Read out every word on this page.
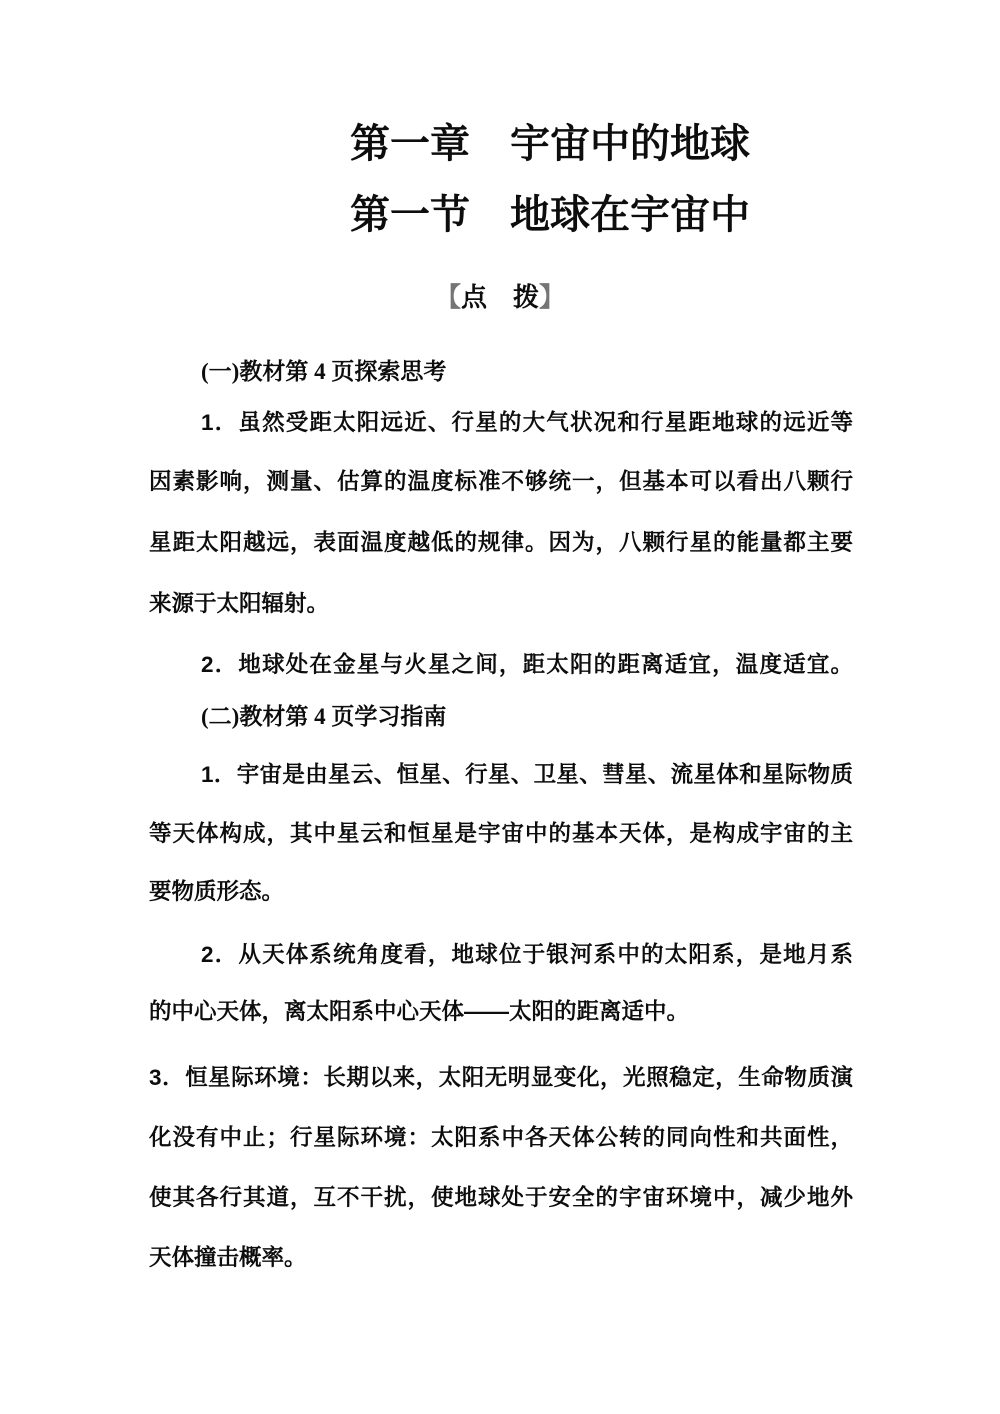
第一章　宇宙中的地球
第一节　地球在宇宙中
【点　拨】
(一)教材第 4 页探索思考
1．虽然受距太阳远近、行星的大气状况和行星距地球的远近等
因素影响，测量、估算的温度标准不够统一，但基本可以看出八颗行
星距太阳越远，表面温度越低的规律。因为，八颗行星的能量都主要
来源于太阳辐射。
2．地球处在金星与火星之间，距太阳的距离适宜，温度适宜。
(二)教材第 4 页学习指南
1．宇宙是由星云、恒星、行星、卫星、彗星、流星体和星际物质
等天体构成，其中星云和恒星是宇宙中的基本天体，是构成宇宙的主
要物质形态。
2．从天体系统角度看，地球位于银河系中的太阳系，是地月系
的中心天体，离太阳系中心天体——太阳的距离适中。
3．恒星际环境：长期以来，太阳无明显变化，光照稳定，生命物质演
化没有中止；行星际环境：太阳系中各天体公转的同向性和共面性，
使其各行其道，互不干扰，使地球处于安全的宇宙环境中，减少地外
天体撞击概率。
